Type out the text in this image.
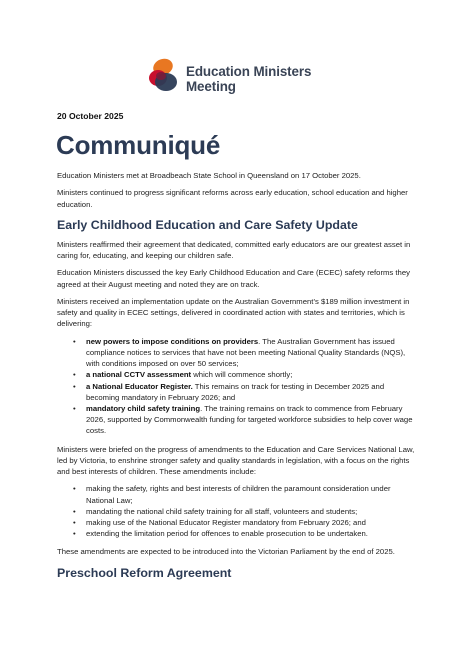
Education Ministers
Meeting
20 October 2025
Communiqué

Education Ministers met at Broadbeach State School in Queensland on 17 October 2025.

Ministers continued to progress significant reforms across early education, school education and higher education.

Early Childhood Education and Care Safety Update

Ministers reaffirmed their agreement that dedicated, committed early educators are our greatest asset in caring for, educating, and keeping our children safe.

Education Ministers discussed the key Early Childhood Education and Care (ECEC) safety reforms they agreed at their August meeting and noted they are on track.

Ministers received an implementation update on the Australian Government’s $189 million investment in safety and quality in ECEC settings, delivered in coordinated action with states and territories, which is delivering:

• new powers to impose conditions on providers. The Australian Government has issued compliance notices to services that have not been meeting National Quality Standards (NQS), with conditions imposed on over 50 services;
• a national CCTV assessment which will commence shortly;
• a National Educator Register. This remains on track for testing in December 2025 and becoming mandatory in February 2026; and
• mandatory child safety training. The training remains on track to commence from February 2026, supported by Commonwealth funding for targeted workforce subsidies to help cover wage costs.

Ministers were briefed on the progress of amendments to the Education and Care Services National Law, led by Victoria, to enshrine stronger safety and quality standards in legislation, with a focus on the rights and best interests of children. These amendments include:

• making the safety, rights and best interests of children the paramount consideration under National Law;
• mandating the national child safety training for all staff, volunteers and students;
• making use of the National Educator Register mandatory from February 2026; and
• extending the limitation period for offences to enable prosecution to be undertaken.

These amendments are expected to be introduced into the Victorian Parliament by the end of 2025.

Preschool Reform Agreement
